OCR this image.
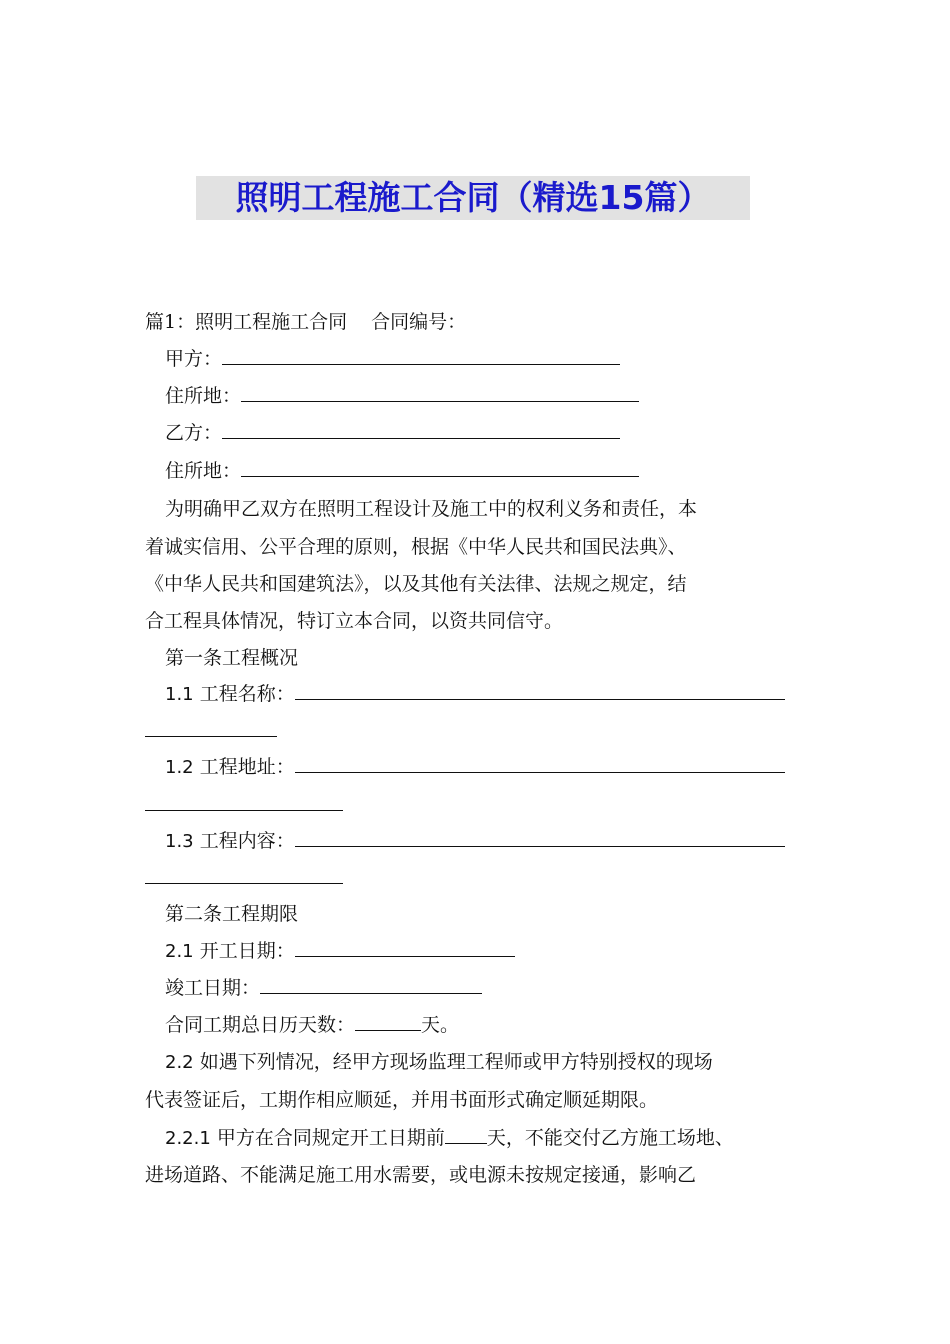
照明工程施工合同（精选15篇）
篇1：照明工程施工合同 合同编号：
甲方：
住所地：
乙方：
住所地：
为明确甲乙双方在照明工程设计及施工中的权利义务和责任，本
着诚实信用、公平合理的原则，根据《中华人民共和国民法典》、
《中华人民共和国建筑法》，以及其他有关法律、法规之规定，结
合工程具体情况，特订立本合同，以资共同信守。
第一条工程概况
1.1 工程名称：
1.2 工程地址：
1.3 工程内容：
第二条工程期限
2.1 开工日期：
竣工日期：
合同工期总日历天数：	天。
2.2 如遇下列情况，经甲方现场监理工程师或甲方特别授权的现场
代表签证后，工期作相应顺延，并用书面形式确定顺延期限。
2.2.1 甲方在合同规定开工日期前 天，不能交付乙方施工场地、
进场道路、不能满足施工用水需要，或电源未按规定接通，影响乙
